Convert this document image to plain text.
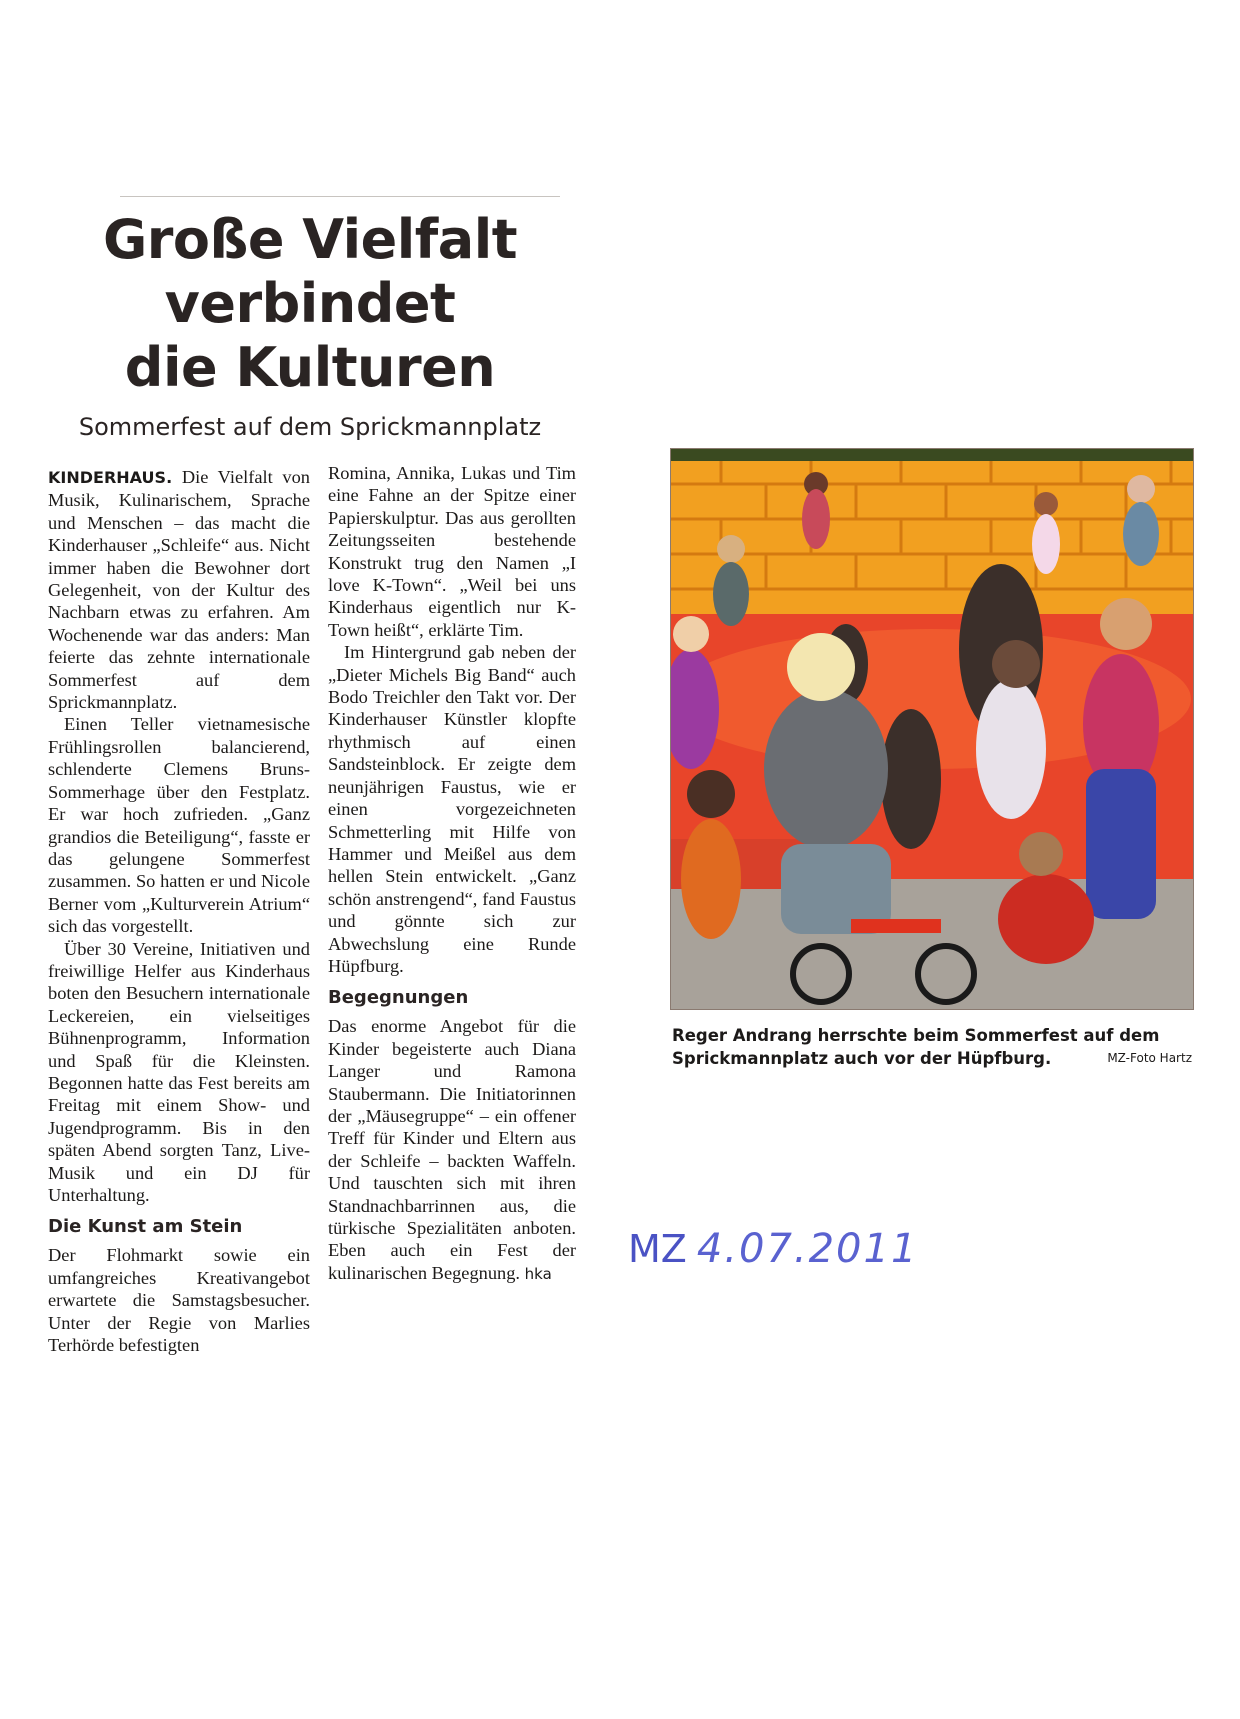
Große Vielfalt
verbindet
die Kulturen
Sommerfest auf dem Sprickmannplatz

KINDERHAUS. Die Vielfalt von Musik, Kulinarischem, Sprache und Menschen – das macht die Kinderhauser „Schleife“ aus. Nicht immer haben die Bewohner dort Gelegenheit, von der Kultur des Nachbarn etwas zu erfahren. Am Wochenende war das anders: Man feierte das zehnte internationale Sommerfest auf dem Sprickmannplatz.

Einen Teller vietnamesische Frühlingsrollen balancierend, schlenderte Clemens Bruns-Sommerhage über den Festplatz. Er war hoch zufrieden. „Ganz grandios die Beteiligung“, fasste er das gelungene Sommerfest zusammen. So hatten er und Nicole Berner vom „Kulturverein Atrium“ sich das vorgestellt.

Über 30 Vereine, Initiativen und freiwillige Helfer aus Kinderhaus boten den Besuchern internationale Leckereien, ein vielseitiges Bühnenprogramm, Information und Spaß für die Kleinsten. Begonnen hatte das Fest bereits am Freitag mit einem Show- und Jugendprogramm. Bis in den späten Abend sorgten Tanz, Live-Musik und ein DJ für Unterhaltung.

Die Kunst am Stein

Der Flohmarkt sowie ein umfangreiches Kreativangebot erwartete die Samstagsbesucher. Unter der Regie von Marlies Terhörde befestigten

Romina, Annika, Lukas und Tim eine Fahne an der Spitze einer Papierskulptur. Das aus gerollten Zeitungsseiten bestehende Konstrukt trug den Namen „I love K-Town“. „Weil bei uns Kinderhaus eigentlich nur K-Town heißt“, erklärte Tim.

Im Hintergrund gab neben der „Dieter Michels Big Band“ auch Bodo Treichler den Takt vor. Der Kinderhauser Künstler klopfte rhythmisch auf einen Sandsteinblock. Er zeigte dem neunjährigen Faustus, wie er einen vorgezeichneten Schmetterling mit Hilfe von Hammer und Meißel aus dem hellen Stein entwickelt. „Ganz schön anstrengend“, fand Faustus und gönnte sich zur Abwechslung eine Runde Hüpfburg.

Begegnungen

Das enorme Angebot für die Kinder begeisterte auch Diana Langer und Ramona Staubermann. Die Initiatorinnen der „Mäusegruppe“ – ein offener Treff für Kinder und Eltern aus der Schleife – backten Waffeln. Und tauschten sich mit ihren Standnachbarrinnen aus, die türkische Spezialitäten anboten. Eben auch ein Fest der kulinarischen Begegnung. hka

Reger Andrang herrschte beim Sommerfest auf dem Sprickmannplatz auch vor der Hüpfburg.	MZ-Foto Hartz
MZ 4.07.2011
